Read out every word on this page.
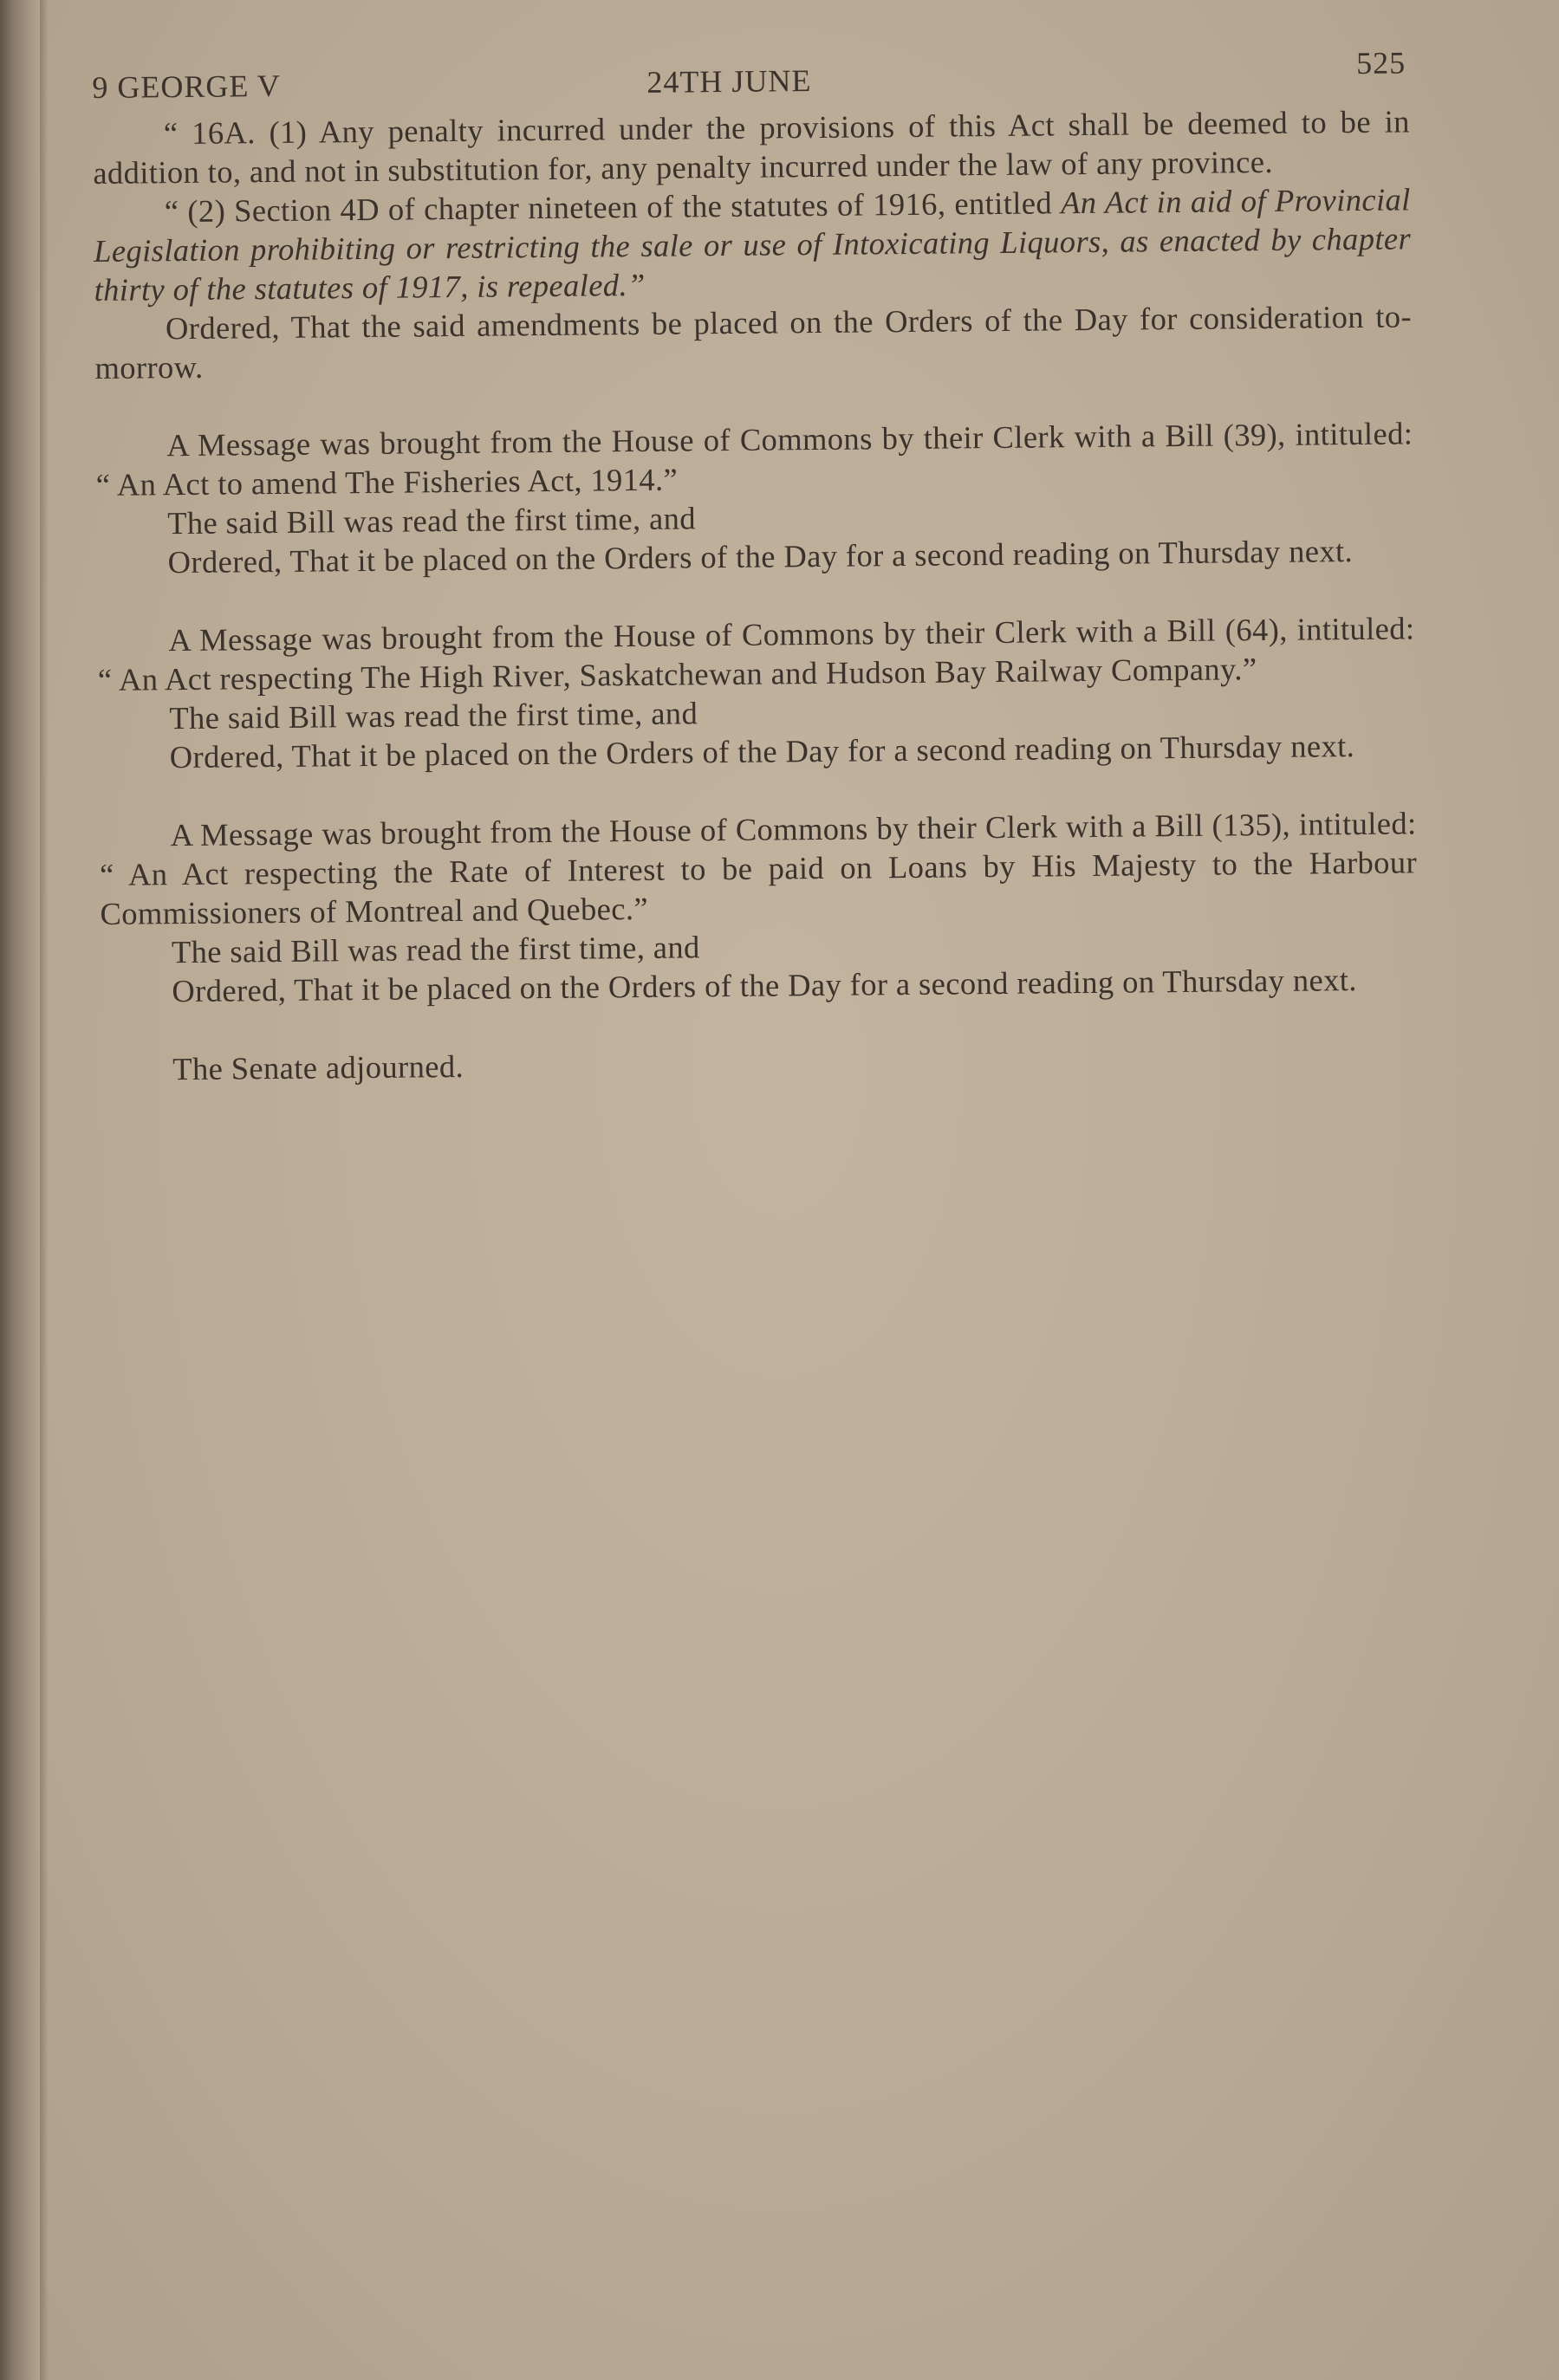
9 GEORGE V	24TH JUNE
525

“ 16A. (1) Any penalty incurred under the provisions of this Act shall be deemed to be in addition to, and not in substitution for, any penalty incurred under the law of any province.

“ (2) Section 4D of chapter nineteen of the statutes of 1916, entitled An Act in aid of Provincial Legislation prohibiting or restricting the sale or use of Intoxicating Liquors, as enacted by chapter thirty of the statutes of 1917, is repealed.”

Ordered, That the said amendments be placed on the Orders of the Day for consideration to-morrow.

A Message was brought from the House of Commons by their Clerk with a Bill (39), intituled: “ An Act to amend The Fisheries Act, 1914.”

The said Bill was read the first time, and

Ordered, That it be placed on the Orders of the Day for a second reading on Thursday next.

A Message was brought from the House of Commons by their Clerk with a Bill (64), intituled: “ An Act respecting The High River, Saskatchewan and Hudson Bay Railway Company.”

The said Bill was read the first time, and

Ordered, That it be placed on the Orders of the Day for a second reading on Thursday next.

A Message was brought from the House of Commons by their Clerk with a Bill (135), intituled: “ An Act respecting the Rate of Interest to be paid on Loans by His Majesty to the Harbour Commissioners of Montreal and Quebec.”

The said Bill was read the first time, and

Ordered, That it be placed on the Orders of the Day for a second reading on Thursday next.

The Senate adjourned.
